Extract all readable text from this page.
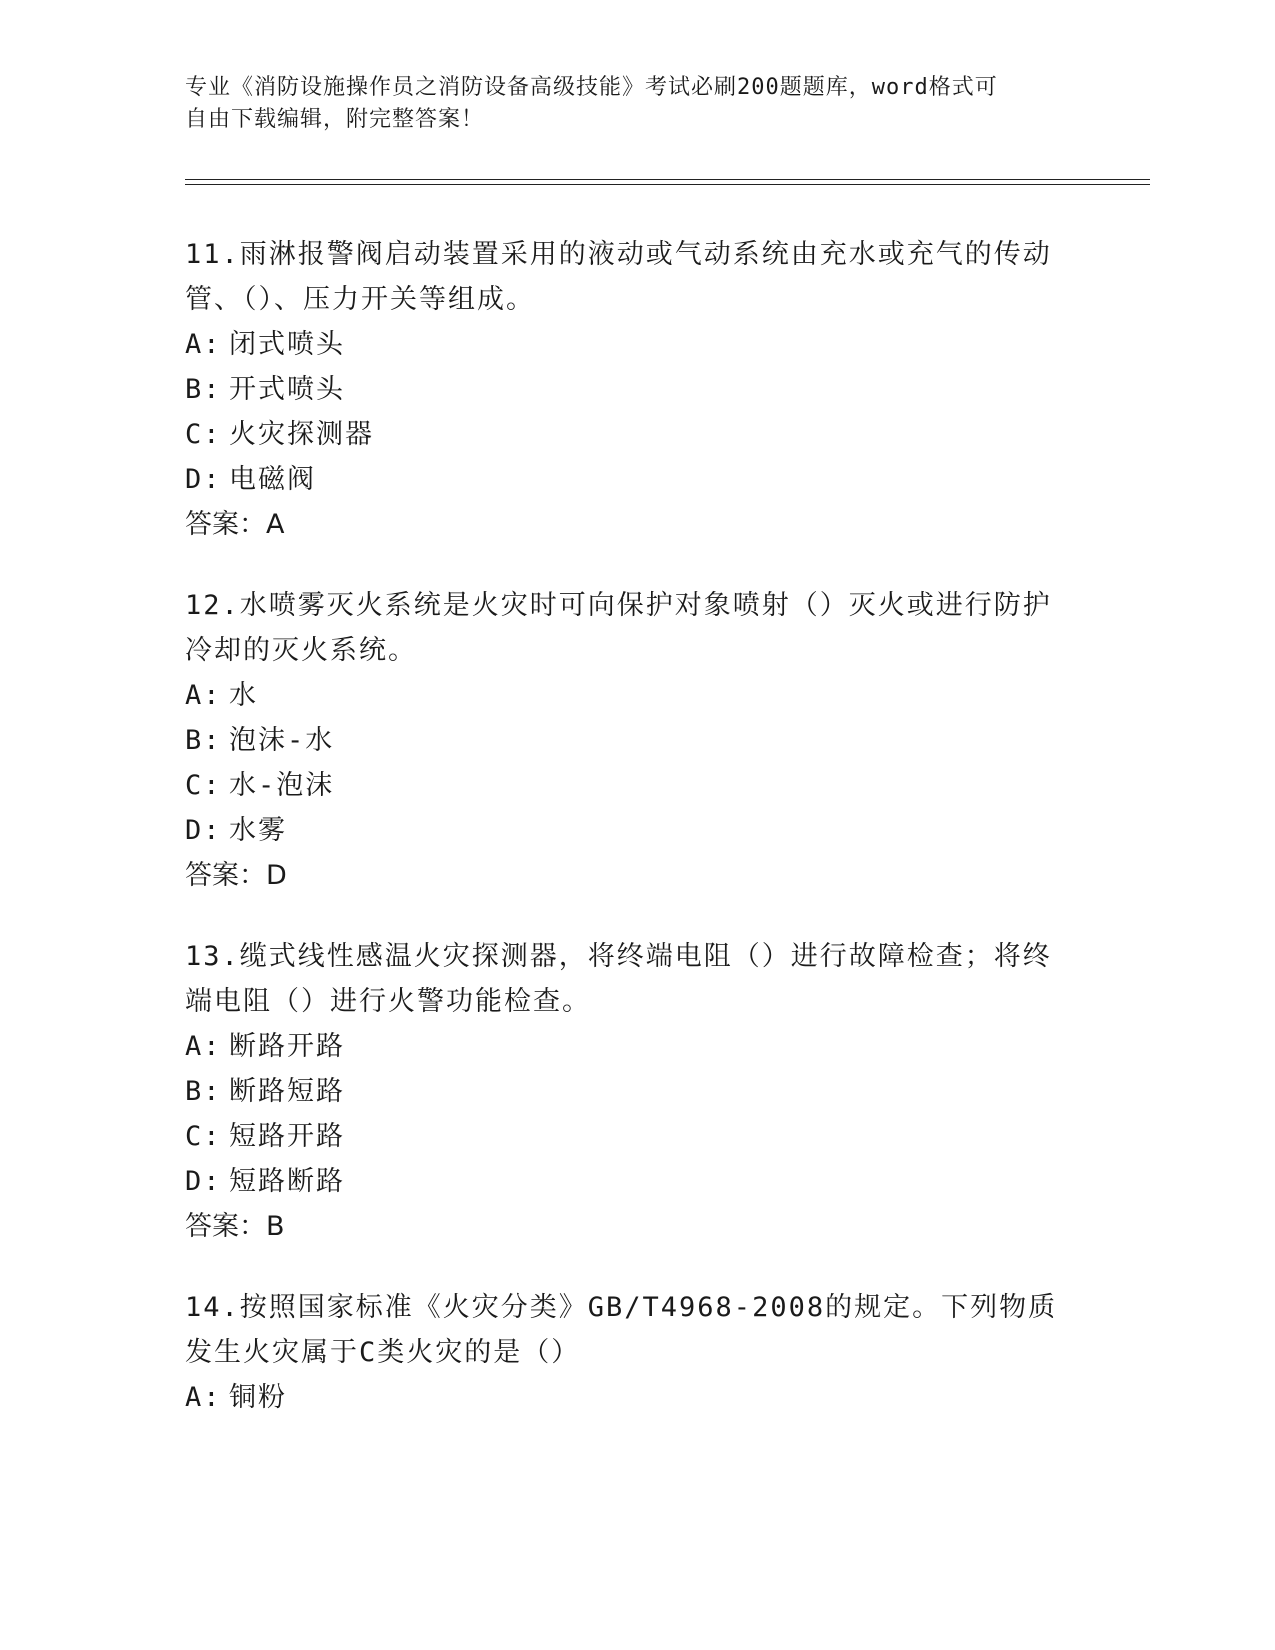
专业《消防设施操作员之消防设备高级技能》考试必刷200题题库，word格式可
自由下载编辑，附完整答案！
11.雨淋报警阀启动装置采用的液动或气动系统由充水或充气的传动管、（）、压力开关等组成。
A: 闭式喷头
B: 开式喷头
C: 火灾探测器
D: 电磁阀
答案：A
12.水喷雾灭火系统是火灾时可向保护对象喷射（）灭火或进行防护冷却的灭火系统。
A: 水
B: 泡沫-水
C: 水-泡沫
D: 水雾
答案：D
13.缆式线性感温火灾探测器，将终端电阻（）进行故障检查；将终端电阻（）进行火警功能检查。
A: 断路开路
B: 断路短路
C: 短路开路
D: 短路断路
答案：B
14.按照国家标准《火灾分类》GB/T4968-2008的规定。下列物质发生火灾属于C类火灾的是（）
A: 铜粉
